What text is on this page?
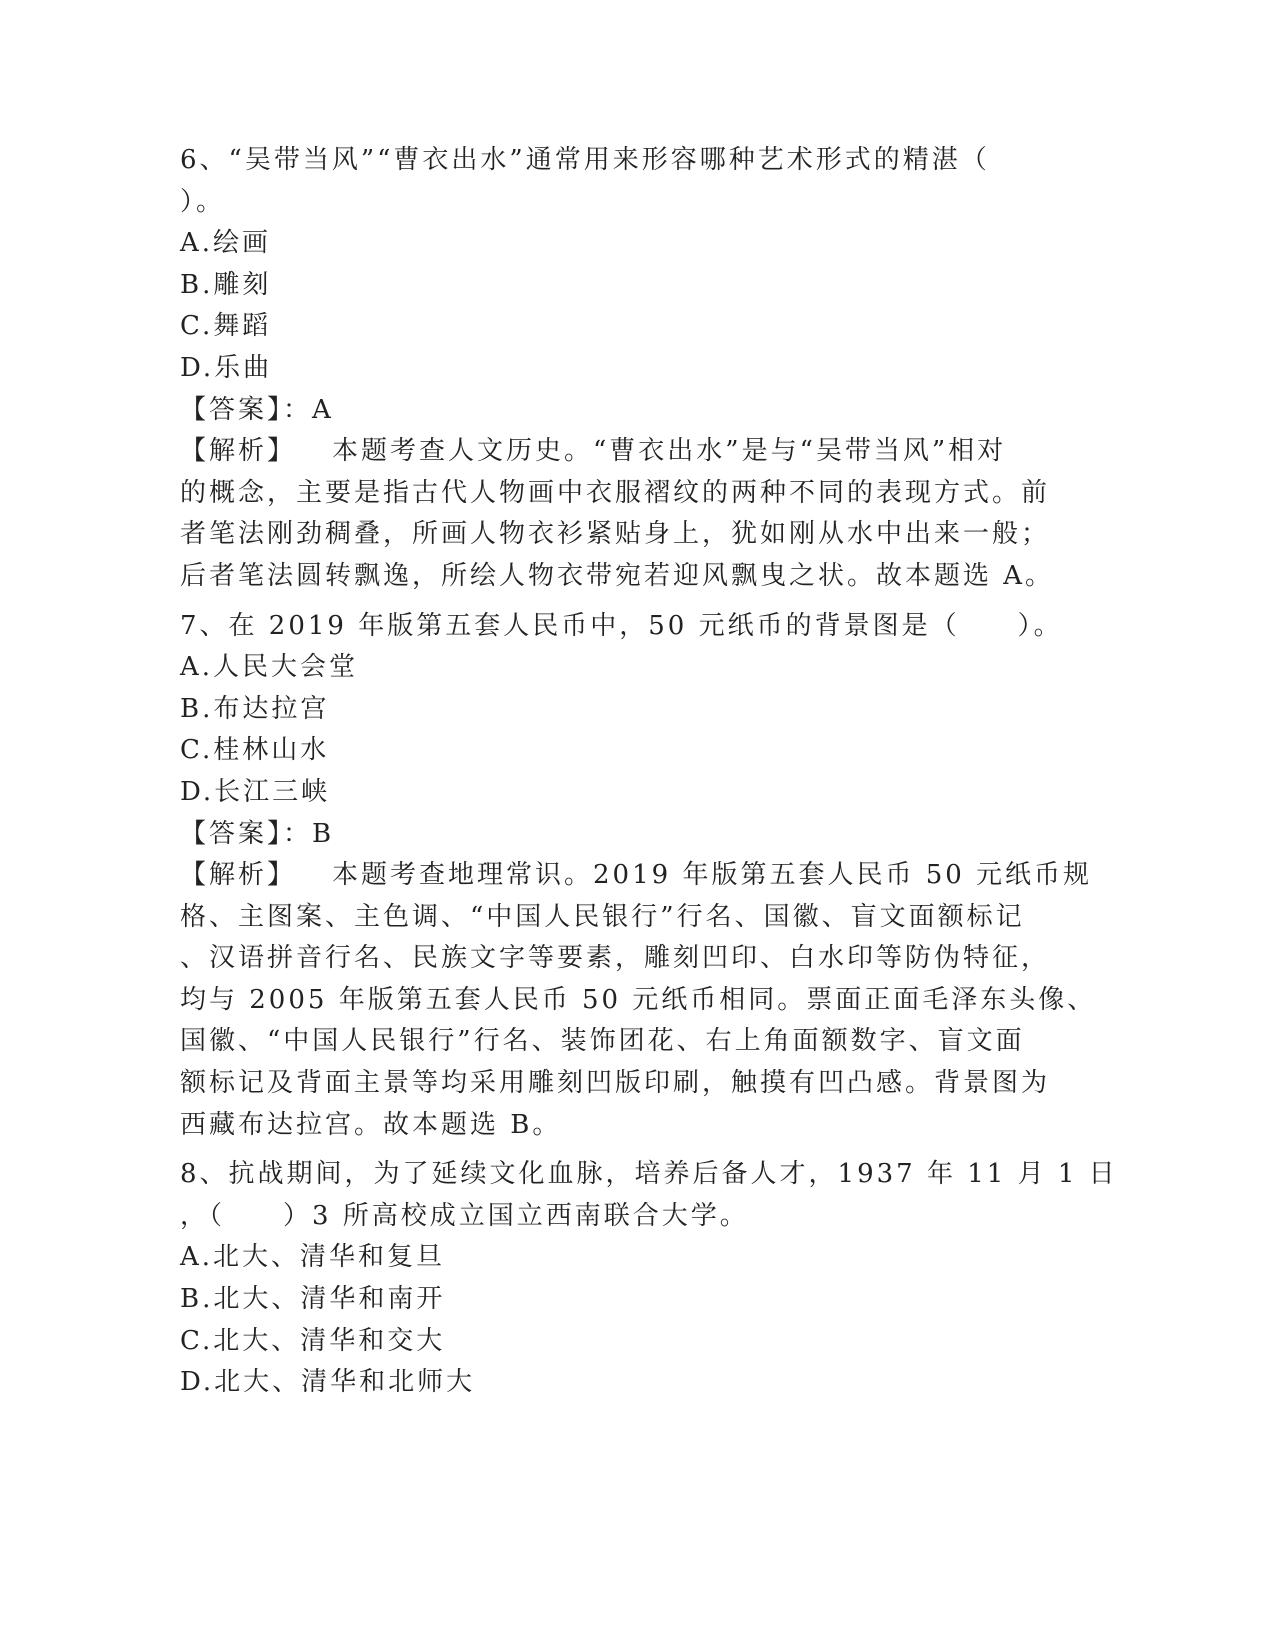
6、“吴带当风”“曹衣出水”通常用来形容哪种艺术形式的精湛（
）。
A.绘画
B.雕刻
C.舞蹈
D.乐曲
【答案】：A
【解析】 本题考查人文历史。“曹衣出水”是与“吴带当风”相对
的概念，主要是指古代人物画中衣服褶纹的两种不同的表现方式。前
者笔法刚劲稠叠，所画人物衣衫紧贴身上，犹如刚从水中出来一般；
后者笔法圆转飘逸，所绘人物衣带宛若迎风飘曳之状。故本题选 A。
7、在 2019 年版第五套人民币中，50 元纸币的背景图是（　　）。
A.人民大会堂
B.布达拉宫
C.桂林山水
D.长江三峡
【答案】：B
【解析】 本题考查地理常识。2019 年版第五套人民币 50 元纸币规
格、主图案、主色调、“中国人民银行”行名、国徽、盲文面额标记
、汉语拼音行名、民族文字等要素，雕刻凹印、白水印等防伪特征，
均与 2005 年版第五套人民币 50 元纸币相同。票面正面毛泽东头像、
国徽、“中国人民银行”行名、装饰团花、右上角面额数字、盲文面
额标记及背面主景等均采用雕刻凹版印刷，触摸有凹凸感。背景图为
西藏布达拉宫。故本题选 B。
8、抗战期间，为了延续文化血脉，培养后备人才，1937 年 11 月 1 日
，（　　）3 所高校成立国立西南联合大学。
A.北大、清华和复旦
B.北大、清华和南开
C.北大、清华和交大
D.北大、清华和北师大
